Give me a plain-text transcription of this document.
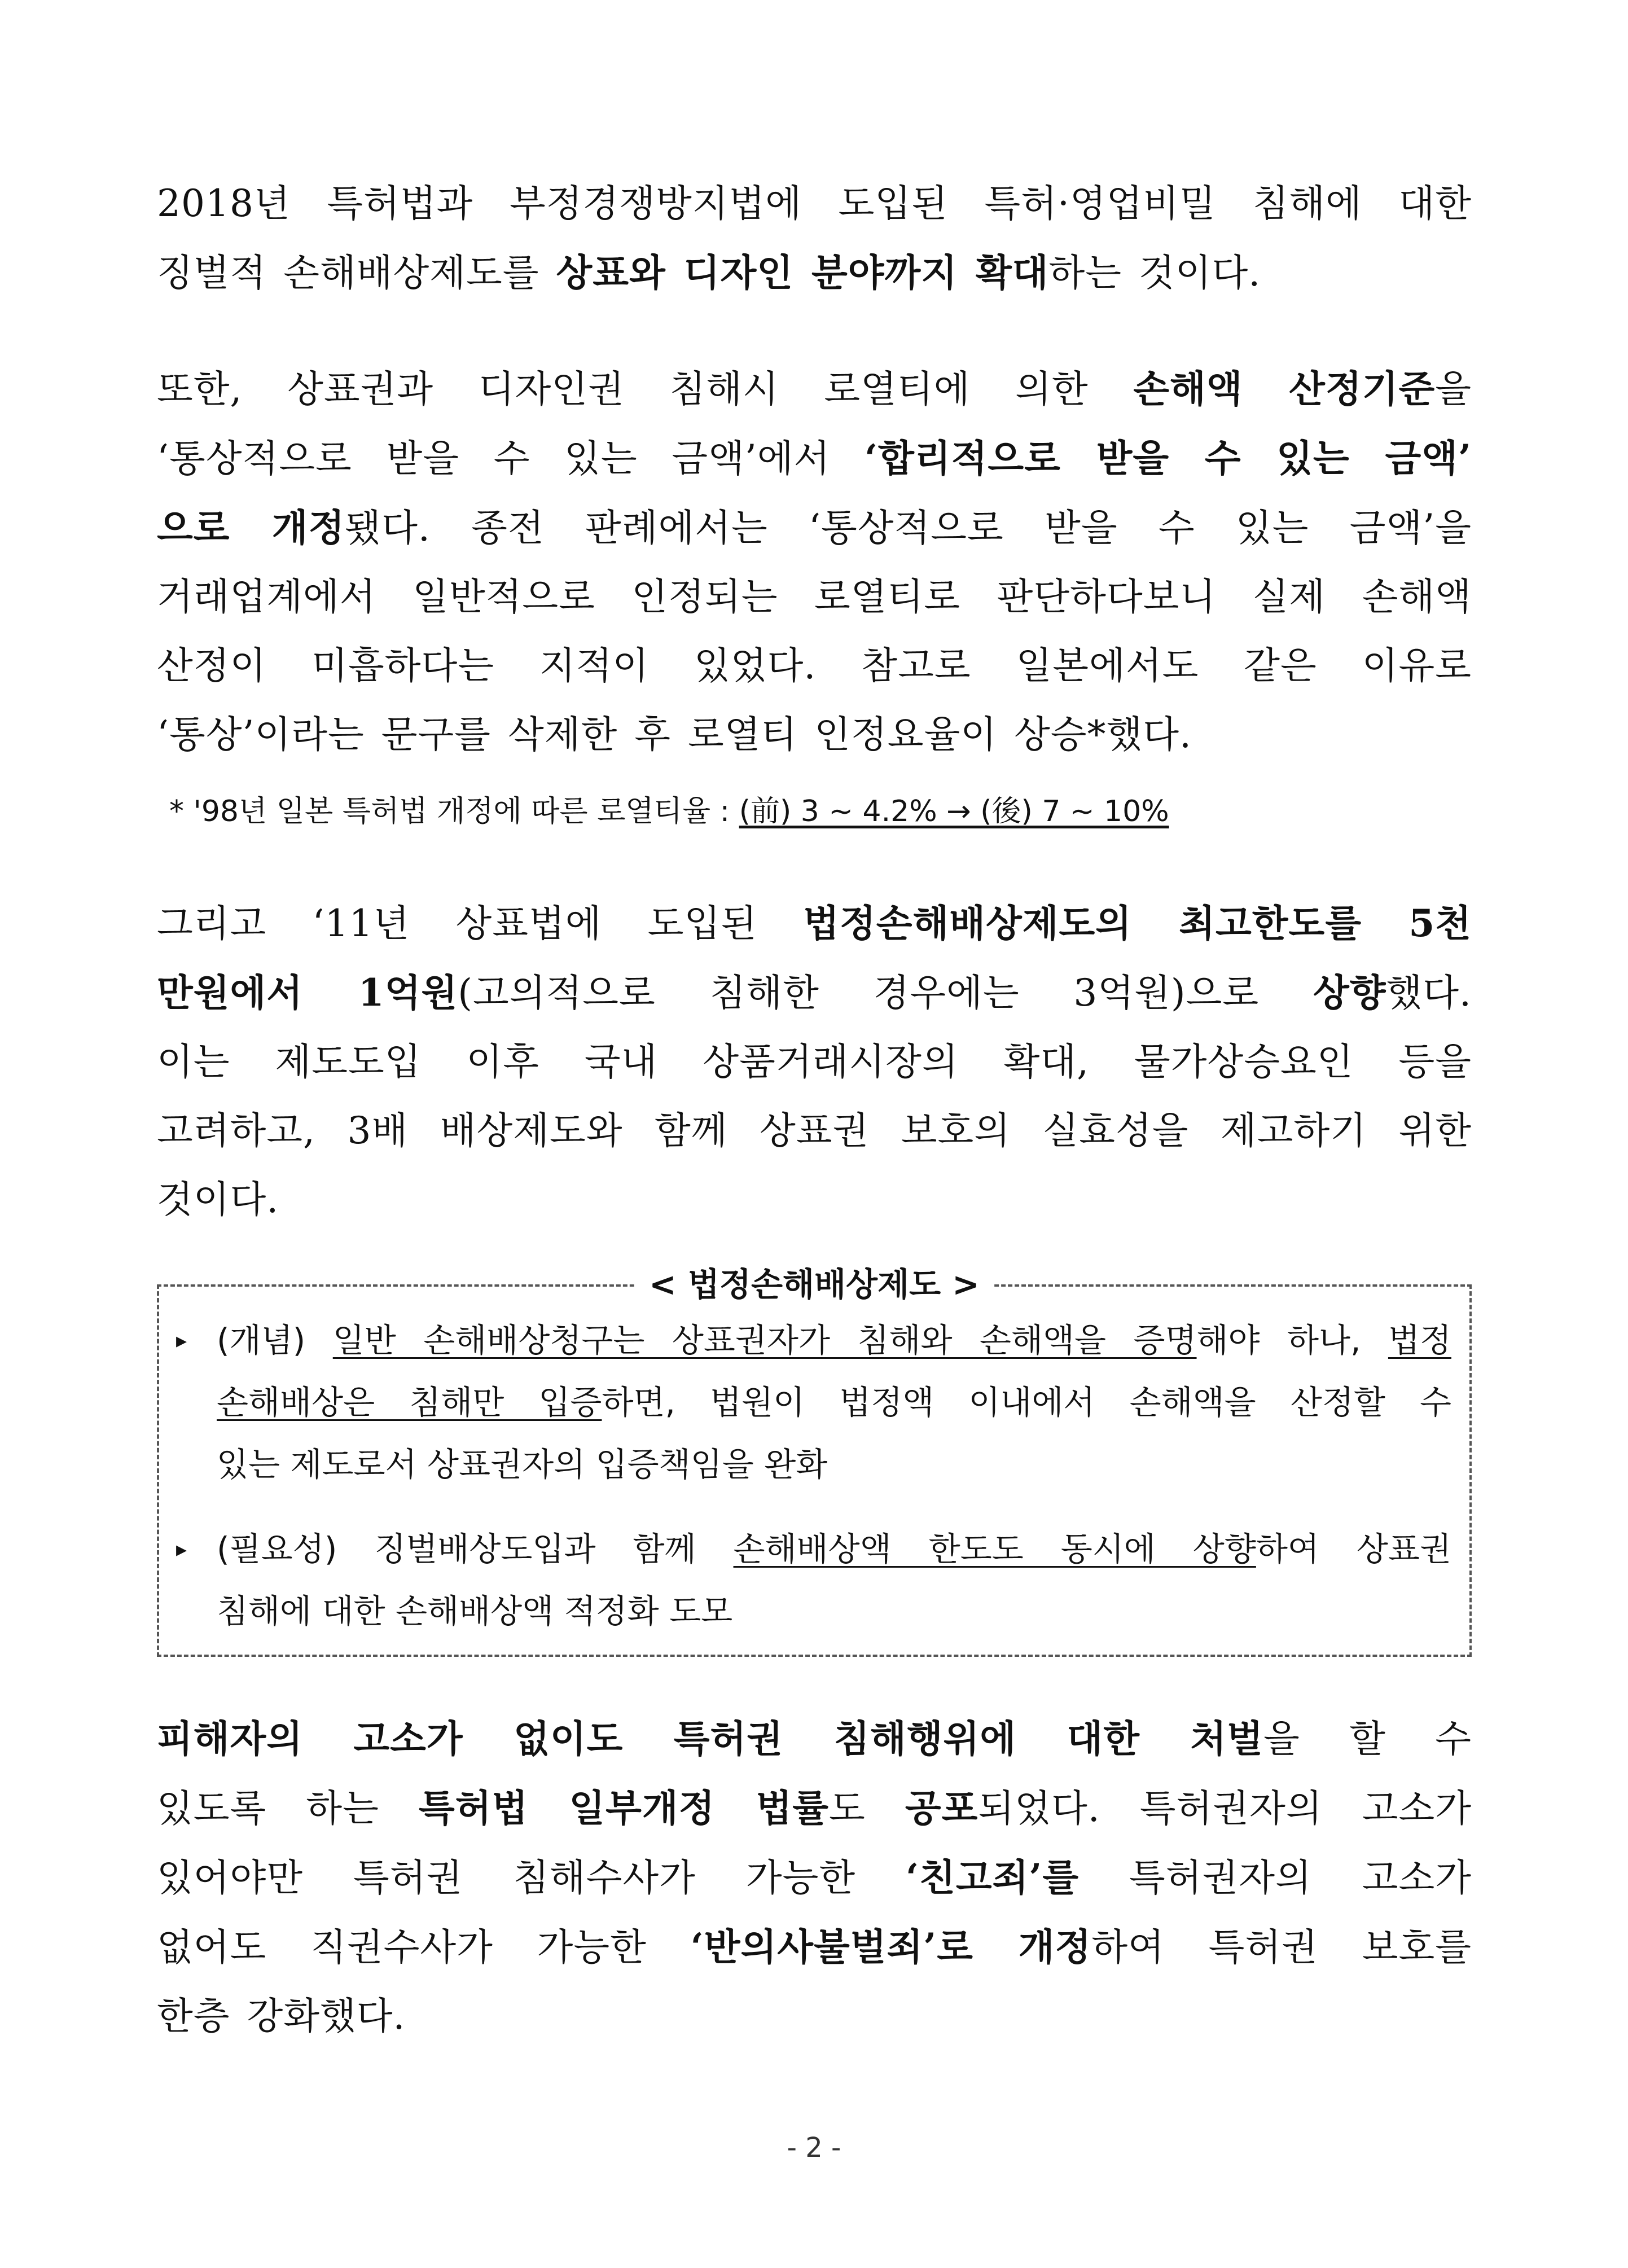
2018년 특허법과 부정경쟁방지법에 도입된 특허·영업비밀 침해에 대한
징벌적 손해배상제도를 상표와 디자인 분야까지 확대하는 것이다.
또한, 상표권과 디자인권 침해시 로열티에 의한 손해액 산정기준을
‘통상적으로 받을 수 있는 금액’에서 ‘합리적으로 받을 수 있는 금액’
으로 개정됐다. 종전 판례에서는 ‘통상적으로 받을 수 있는 금액’을
거래업계에서 일반적으로 인정되는 로열티로 판단하다보니 실제 손해액
산정이 미흡하다는 지적이 있었다. 참고로 일본에서도 같은 이유로
‘통상’이라는 문구를 삭제한 후 로열티 인정요율이 상승*했다.
* '98년 일본 특허법 개정에 따른 로열티율 : (前) 3 ~ 4.2% → (後) 7 ~ 10%
그리고 ‘11년 상표법에 도입된 법정손해배상제도의 최고한도를 5천
만원에서 1억원(고의적으로 침해한 경우에는 3억원)으로 상향했다.
이는 제도도입 이후 국내 상품거래시장의 확대, 물가상승요인 등을
고려하고, 3배 배상제도와 함께 상표권 보호의 실효성을 제고하기 위한
것이다.
< 법정손해배상제도 >
▸ (개념) 일반 손해배상청구는 상표권자가 침해와 손해액을 증명해야 하나, 법정
손해배상은 침해만 입증하면, 법원이 법정액 이내에서 손해액을 산정할 수
있는 제도로서 상표권자의 입증책임을 완화
▸ (필요성) 징벌배상도입과 함께 손해배상액 한도도 동시에 상향하여 상표권
침해에 대한 손해배상액 적정화 도모
피해자의 고소가 없이도 특허권 침해행위에 대한 처벌을 할 수
있도록 하는 특허법 일부개정 법률도 공포되었다. 특허권자의 고소가
있어야만 특허권 침해수사가 가능한 ‘친고죄’를 특허권자의 고소가
없어도 직권수사가 가능한 ‘반의사불벌죄’로 개정하여 특허권 보호를
한층 강화했다.
- 2 -
